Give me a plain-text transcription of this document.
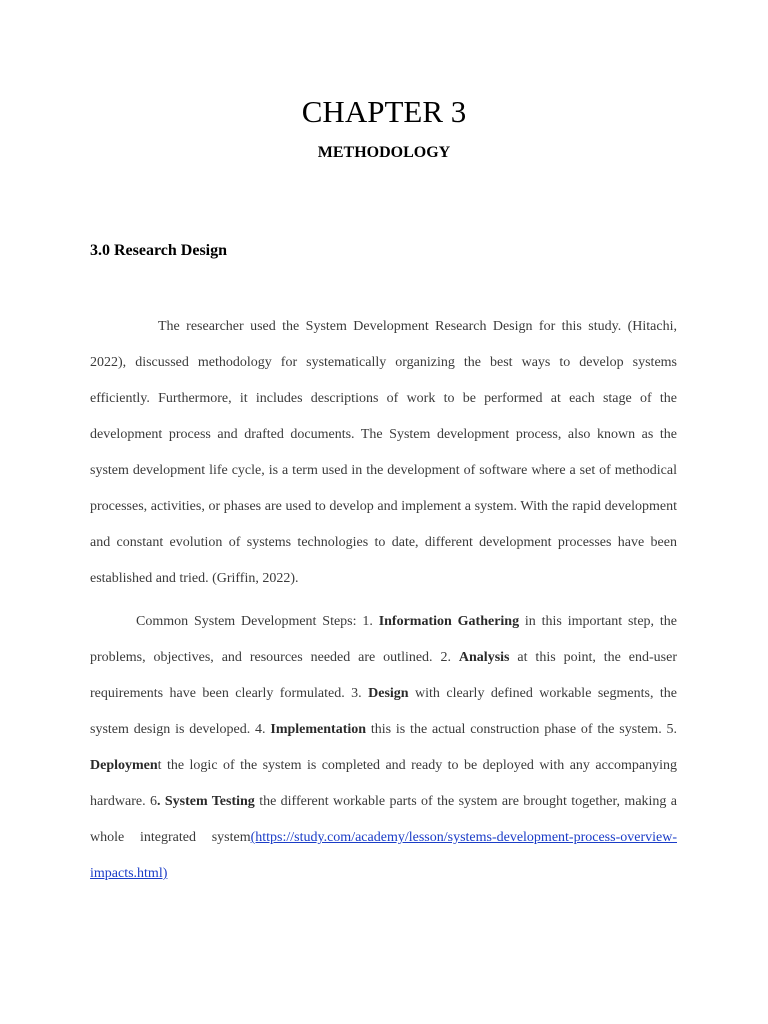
CHAPTER 3
METHODOLOGY
3.0 Research Design

The researcher used the System Development Research Design for this study. (Hitachi, 2022), discussed methodology for systematically organizing the best ways to develop systems efficiently. Furthermore, it includes descriptions of work to be performed at each stage of the development process and drafted documents. The System development process, also known as the system development life cycle, is a term used in the development of software where a set of methodical processes, activities, or phases are used to develop and implement a system. With the rapid development and constant evolution of systems technologies to date, different development processes have been established and tried. (Griffin, 2022).

Common System Development Steps: 1. Information Gathering in this important step, the problems, objectives, and resources needed are outlined. 2. Analysis at this point, the end-user requirements have been clearly formulated. 3. Design with clearly defined workable segments, the system design is developed. 4. Implementation this is the actual construction phase of the system. 5. Deployment the logic of the system is completed and ready to be deployed with any accompanying hardware. 6. System Testing the different workable parts of the system are brought together, making a whole integrated system(https://study.com/academy/lesson/systems-development-process-overview-impacts.html)
